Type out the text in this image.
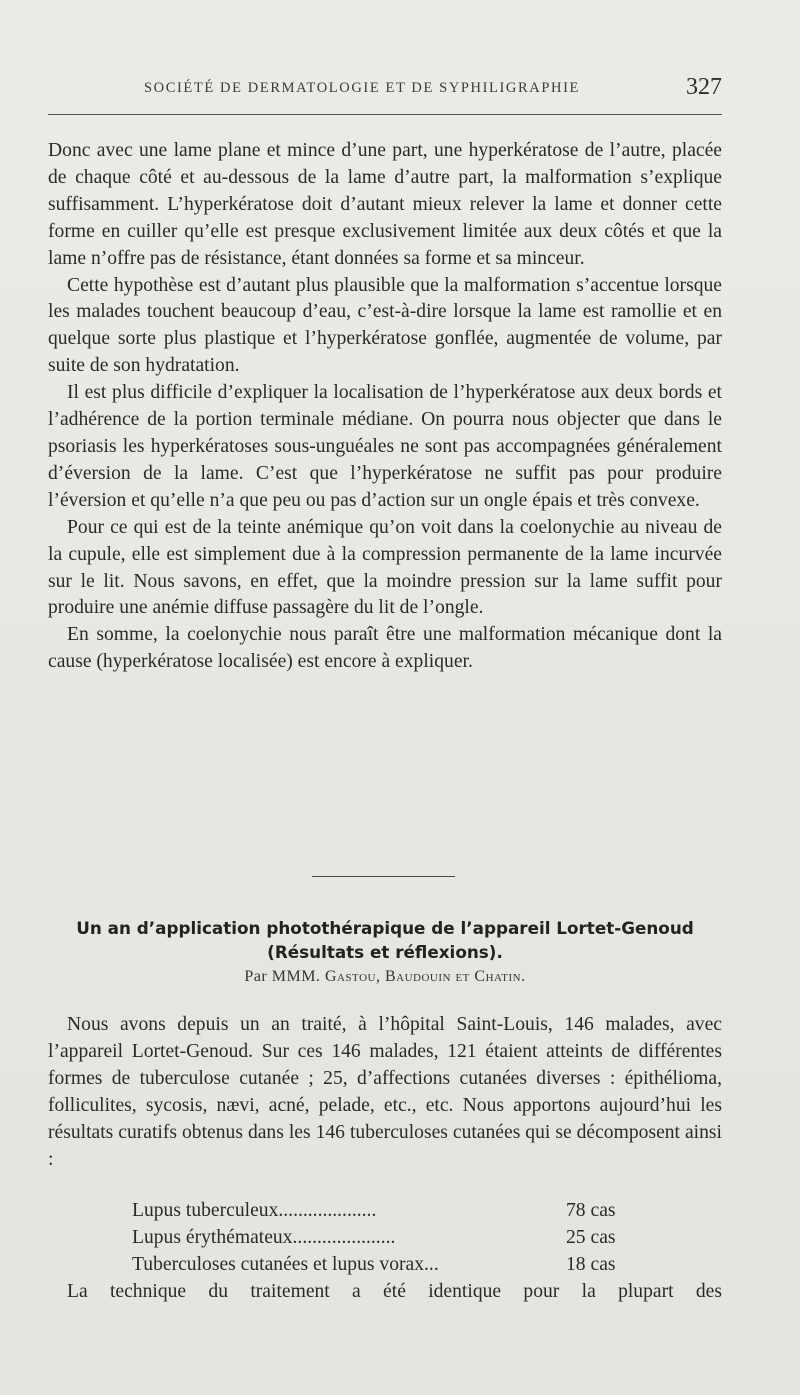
SOCIÉTÉ DE DERMATOLOGIE ET DE SYPHILIGRAPHIE	327

Donc avec une lame plane et mince d’une part, une hyperkératose de l’autre, placée de chaque côté et au-dessous de la lame d’autre part, la malformation s’explique suffisamment. L’hyperkératose doit d’autant mieux relever la lame et donner cette forme en cuiller qu’elle est presque exclusivement limitée aux deux côtés et que la lame n’offre pas de résistance, étant données sa forme et sa minceur.

Cette hypothèse est d’autant plus plausible que la malformation s’accentue lorsque les malades touchent beaucoup d’eau, c’est-à-dire lorsque la lame est ramollie et en quelque sorte plus plastique et l’hyperkératose gonflée, augmentée de volume, par suite de son hydratation.

Il est plus difficile d’expliquer la localisation de l’hyperkératose aux deux bords et l’adhérence de la portion terminale médiane. On pourra nous objecter que dans le psoriasis les hyperkératoses sous-unguéales ne sont pas accompagnées généralement d’éversion de la lame. C’est que l’hyperkératose ne suffit pas pour produire l’éversion et qu’elle n’a que peu ou pas d’action sur un ongle épais et très convexe.

Pour ce qui est de la teinte anémique qu’on voit dans la coelonychie au niveau de la cupule, elle est simplement due à la compression permanente de la lame incurvée sur le lit. Nous savons, en effet, que la moindre pression sur la lame suffit pour produire une anémie diffuse passagère du lit de l’ongle.

En somme, la coelonychie nous paraît être une malformation mécanique dont la cause (hyperkératose localisée) est encore à expliquer.

Un an d’application photothérapique de l’appareil Lortet-Genoud
(Résultats et réflexions).
Par MMM. Gastou, Baudouin et Chatin.

Nous avons depuis un an traité, à l’hôpital Saint-Louis, 146 malades, avec l’appareil Lortet-Genoud. Sur ces 146 malades, 121 étaient atteints de différentes formes de tuberculose cutanée ; 25, d’affections cutanées diverses : épithélioma, folliculites, sycosis, nævi, acné, pelade, etc., etc. Nous apportons aujourd’hui les résultats curatifs obtenus dans les 146 tuberculoses cutanées qui se décomposent ainsi :

Lupus tuberculeux ....................	78 cas
Lupus érythémateux .....................	25 cas
Tuberculoses cutanées et lupus vorax ...	18 cas
La technique du traitement a été identique pour la plupart des
